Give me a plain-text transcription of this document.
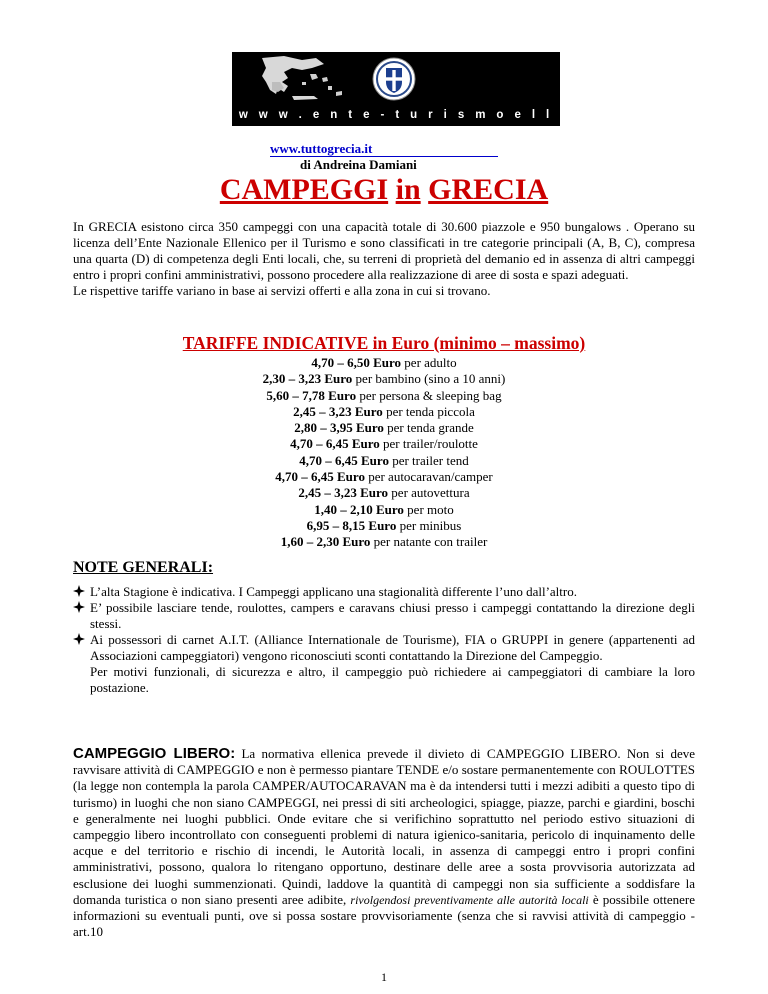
w w w . e n t e - t u r i s m o e l l e n i c o . c o m
www.tuttogrecia.it
di Andreina Damiani
CAMPEGGI in GRECIA

In GRECIA esistono circa 350 campeggi con una capacità totale di 30.600 piazzole e 950 bungalows . Operano su licenza dell’Ente Nazionale Ellenico per il Turismo e sono classificati in tre categorie principali (A, B, C), compresa una quarta (D) di competenza degli Enti locali, che, su terreni di proprietà del demanio ed in assenza di altri campeggi entro i propri confini amministrativi, possono procedere alla realizzazione di aree di sosta e spazi adeguati.

Le rispettive tariffe variano in base ai servizi offerti e alla zona in cui si trovano.

TARIFFE INDICATIVE in Euro (minimo – massimo)
4,70 – 6,50 Euro per adulto
2,30 – 3,23 Euro per bambino (sino a 10 anni)
5,60 – 7,78 Euro per persona & sleeping bag
2,45 – 3,23 Euro per tenda piccola
2,80 – 3,95 Euro per tenda grande
4,70 – 6,45 Euro per trailer/roulotte
4,70 – 6,45 Euro per trailer tend
4,70 – 6,45 Euro per autocaravan/camper
2,45 – 3,23 Euro per autovettura
1,40 – 2,10 Euro per moto
6,95 – 8,15 Euro per minibus
1,60 – 2,30 Euro per natante con trailer
NOTE GENERALI:
L’alta Stagione è indicativa. I Campeggi applicano una stagionalità differente l’uno dall’altro.
E’ possibile lasciare tende, roulottes, campers e caravans chiusi presso i campeggi contattando la direzione degli stessi.
Ai possessori di carnet A.I.T. (Alliance Internationale de Tourisme), FIA o GRUPPI in genere (appartenenti ad Associazioni campeggiatori) vengono riconosciuti sconti contattando la Direzione del Campeggio.
Per motivi funzionali, di sicurezza e altro, il campeggio può richiedere ai campeggiatori di cambiare la loro postazione.
CAMPEGGIO LIBERO: La normativa ellenica prevede il divieto di CAMPEGGIO LIBERO. Non si deve ravvisare attività di CAMPEGGIO e non è permesso piantare TENDE e/o sostare permanentemente con ROULOTTES (la legge non contempla la parola CAMPER/AUTOCARAVAN ma è da intendersi tutti i mezzi adibiti a questo tipo di turismo) in luoghi che non siano CAMPEGGI, nei pressi di siti archeologici, spiagge, piazze, parchi e giardini, boschi e generalmente nei luoghi pubblici. Onde evitare che si verifichino soprattutto nel periodo estivo situazioni di campeggio libero incontrollato con conseguenti problemi di natura igienico-sanitaria, pericolo di inquinamento delle acque e del territorio e rischio di incendi, le Autorità locali, in assenza di campeggi entro i propri confini amministrativi, possono, qualora lo ritengano opportuno, destinare delle aree a sosta provvisoria autorizzata ad esclusione dei luoghi summenzionati. Quindi, laddove la quantità di campeggi non sia sufficiente a soddisfare la domanda turistica o non siano presenti aree adibite, rivolgendosi preventivamente alle autorità locali è possibile ottenere informazioni su eventuali punti, ove si possa sostare provvisoriamente (senza che si ravvisi attività di campeggio - art.10
1
